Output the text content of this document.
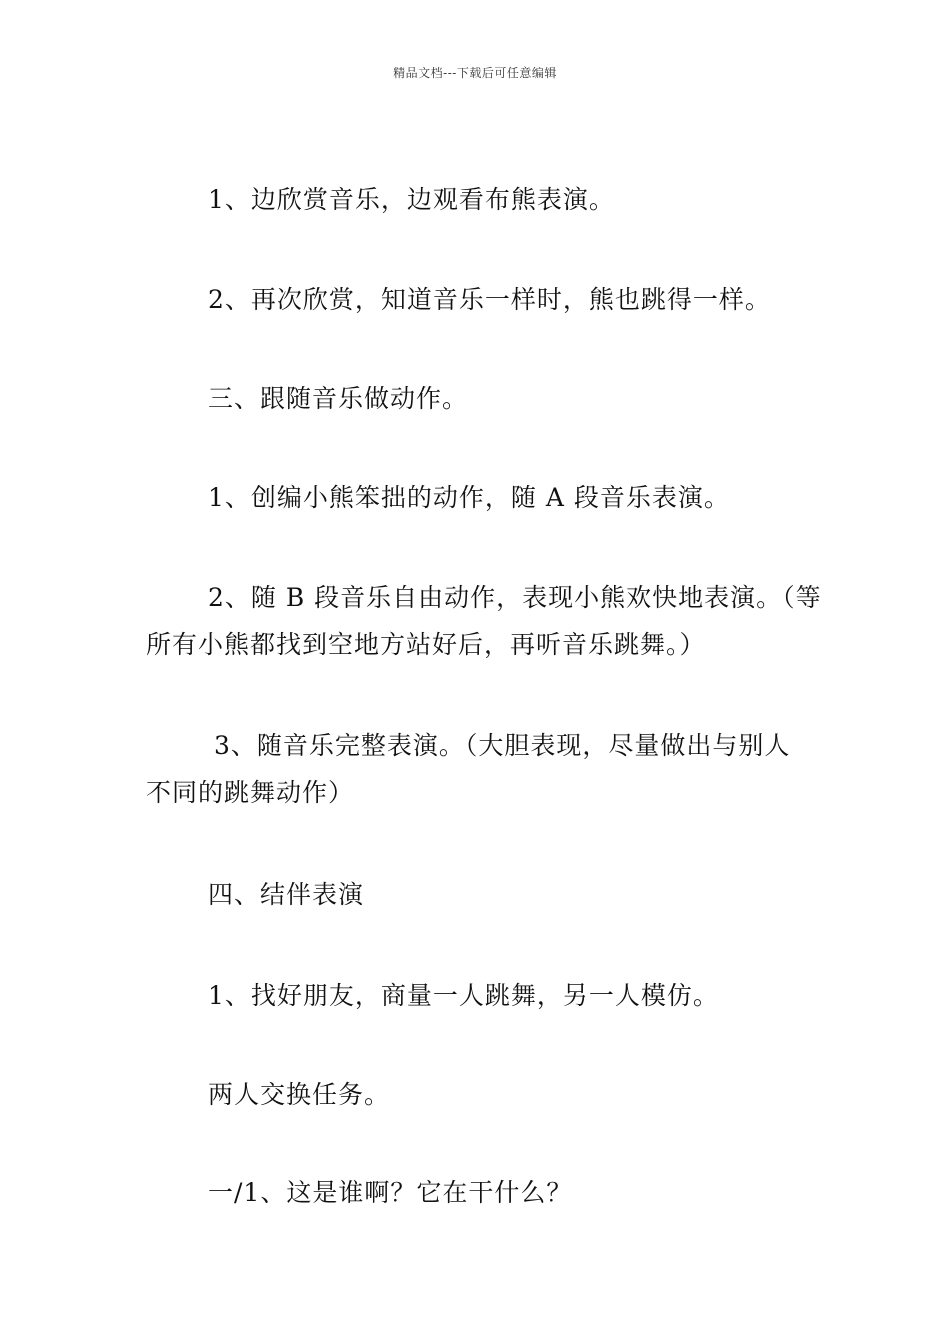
精品文档---下载后可任意编辑
1、边欣赏音乐，边观看布熊表演。
2、再次欣赏，知道音乐一样时，熊也跳得一样。
三、跟随音乐做动作。
1、创编小熊笨拙的动作，随 A 段音乐表演。
2、随 B 段音乐自由动作，表现小熊欢快地表演。（等
所有小熊都找到空地方站好后，再听音乐跳舞。）
3、随音乐完整表演。（大胆表现，尽量做出与别人
不同的跳舞动作）
四、结伴表演
1、找好朋友，商量一人跳舞，另一人模仿。
两人交换任务。
一/1、这是谁啊？它在干什么？
